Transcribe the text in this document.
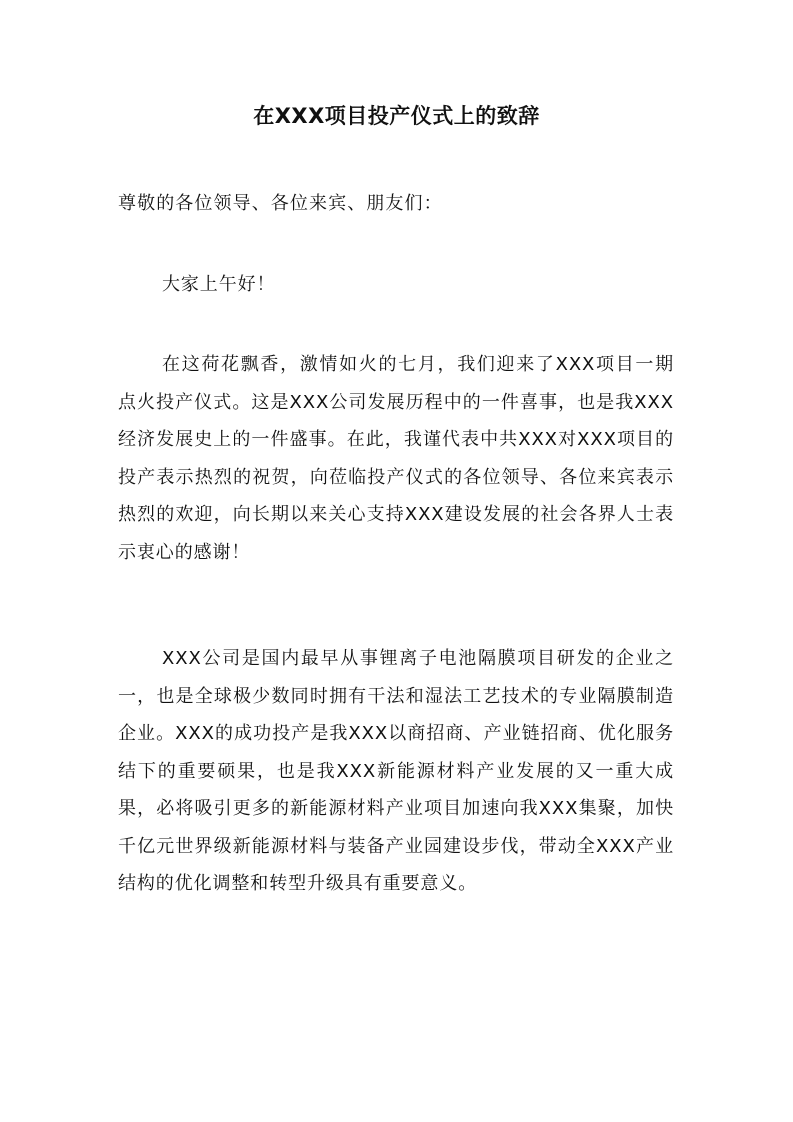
在XXX项目投产仪式上的致辞
尊敬的各位领导、各位来宾、朋友们：
大家上午好！
在这荷花飘香，激情如火的七月，我们迎来了XXX项目一期点火投产仪式。这是XXX公司发展历程中的一件喜事，也是我XXX经济发展史上的一件盛事。在此，我谨代表中共XXX对XXX项目的投产表示热烈的祝贺，向莅临投产仪式的各位领导、各位来宾表示热烈的欢迎，向长期以来关心支持XXX建设发展的社会各界人士表示衷心的感谢！
XXX公司是国内最早从事锂离子电池隔膜项目研发的企业之一，也是全球极少数同时拥有干法和湿法工艺技术的专业隔膜制造企业。XXX的成功投产是我XXX以商招商、产业链招商、优化服务结下的重要硕果，也是我XXX新能源材料产业发展的又一重大成果，必将吸引更多的新能源材料产业项目加速向我XXX集聚，加快千亿元世界级新能源材料与装备产业园建设步伐，带动全XXX产业结构的优化调整和转型升级具有重要意义。
